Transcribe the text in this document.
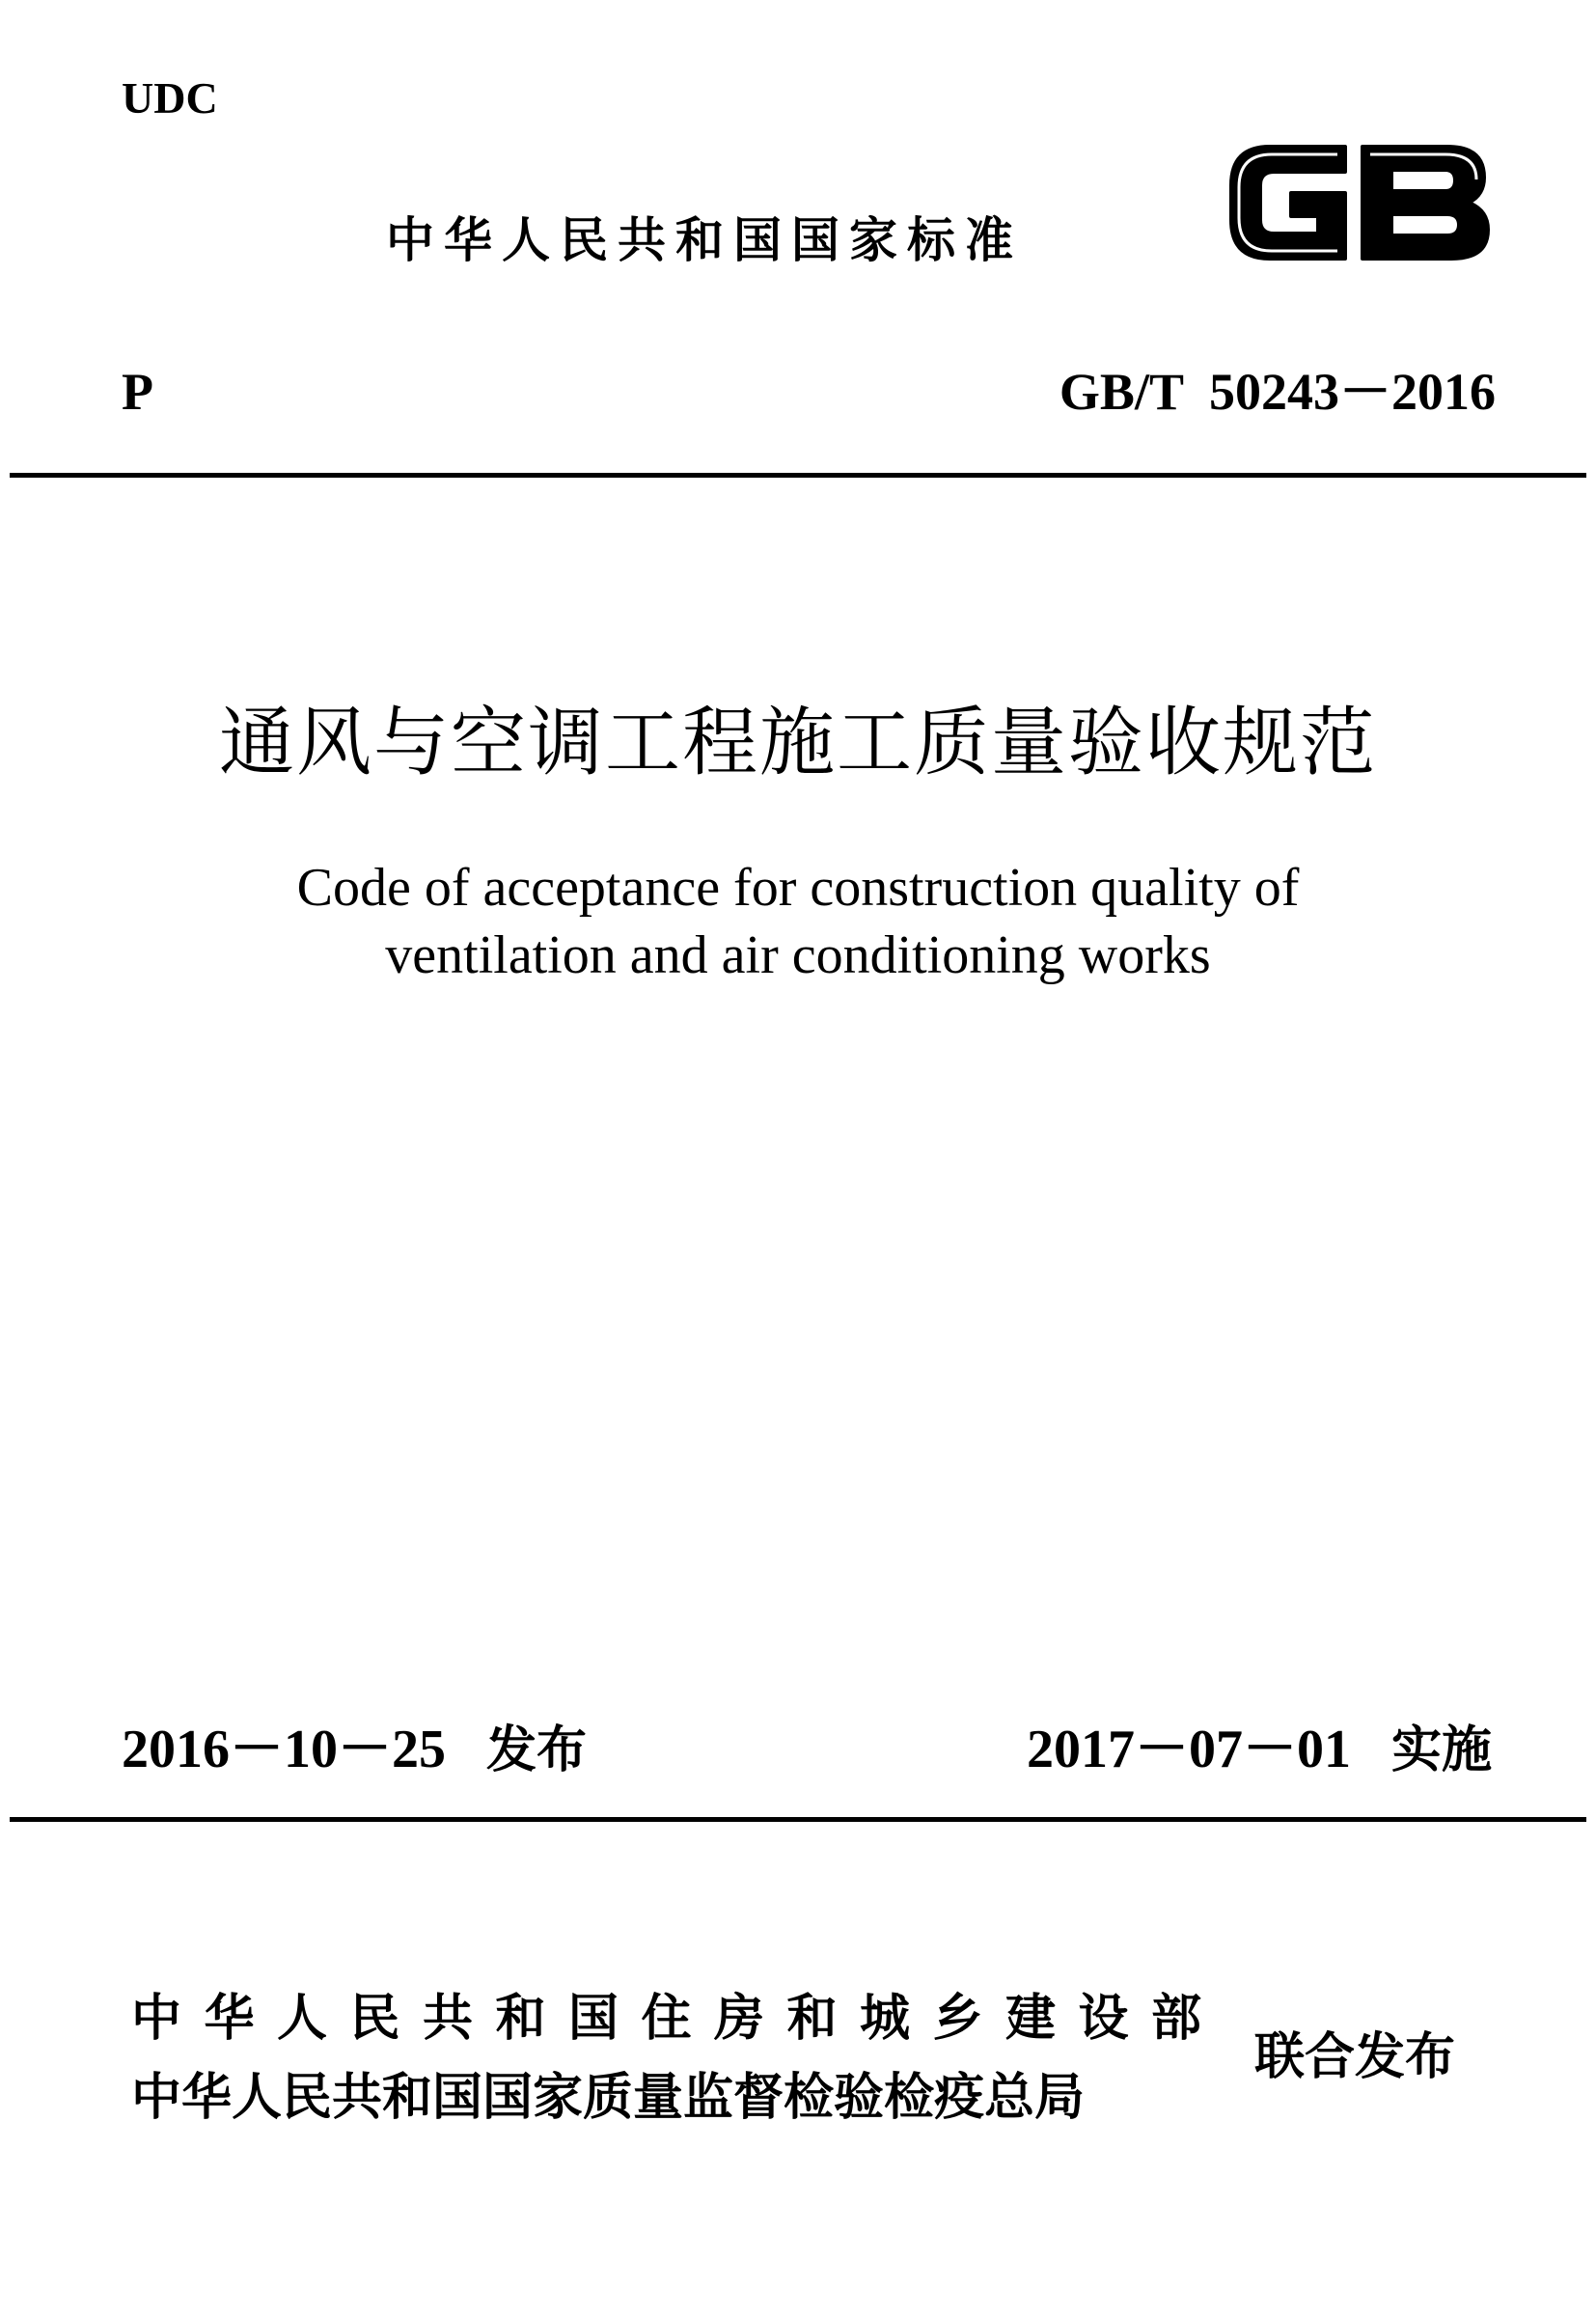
UDC
中华人民共和国国家标准
P	GB/T  50243－2016
通风与空调工程施工质量验收规范
Code of acceptance for construction quality of
ventilation and air conditioning works
2016－10－25 发布	2017－07－01 实施
中华人民共和国住房和城乡建设部
中华人民共和国国家质量监督检验检疫总局
联合发布
